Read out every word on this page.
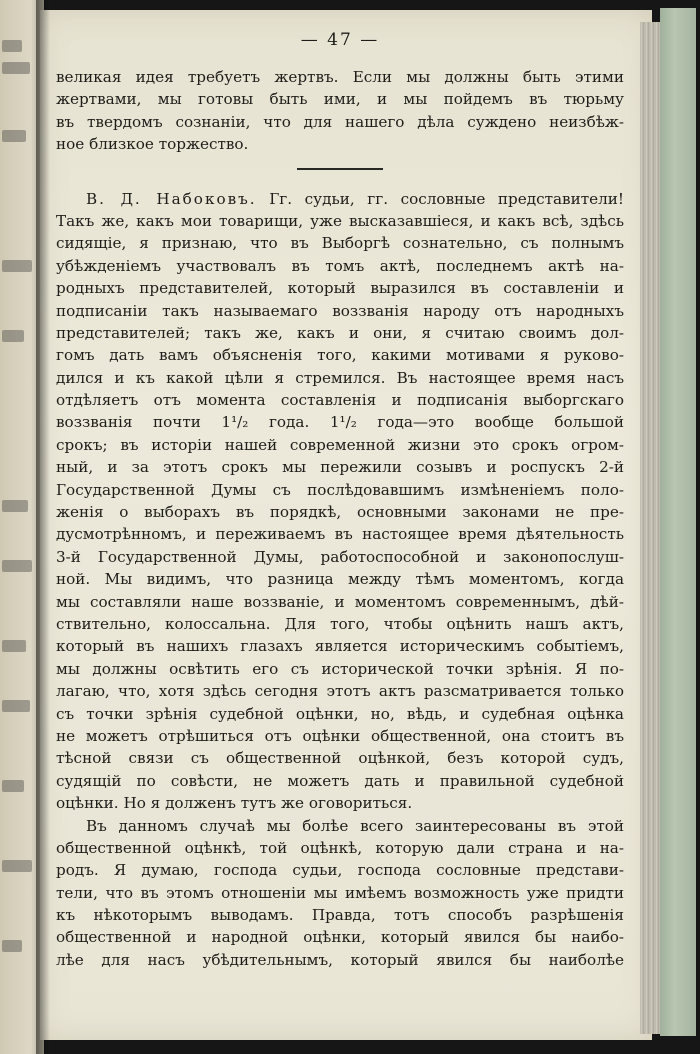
— 47 —
великая идея требуетъ жертвъ. Если мы должны быть этими
жертвами, мы готовы быть ими, и мы пойдемъ въ тюрьму
въ твердомъ сознаніи, что для нашего дѣла суждено неизбѣж-
ное близкое торжество.
В. Д. Набоковъ. Гг. судьи, гг. сословные представители!
Такъ же, какъ мои товарищи, уже высказавшіеся, и какъ всѣ, здѣсь
сидящіе, я признаю, что въ Выборгѣ сознательно, съ полнымъ
убѣжденіемъ участвовалъ въ томъ актѣ, последнемъ актѣ на-
родныхъ представителей, который выразился въ составленіи и
подписаніи такъ называемаго воззванія народу отъ народныхъ
представителей; такъ же, какъ и они, я считаю своимъ дол-
гомъ дать вамъ объясненія того, какими мотивами я руково-
дился и къ какой цѣли я стремился. Въ настоящее время насъ
отдѣляетъ отъ момента составленія и подписанія выборгскаго
воззванія почти 1¹/₂ года. 1¹/₂ года—это вообще большой
срокъ; въ исторіи нашей современной жизни это срокъ огром-
ный, и за этотъ срокъ мы пережили созывъ и роспускъ 2-й
Государственной Думы съ послѣдовавшимъ измѣненіемъ поло-
женія о выборахъ въ порядкѣ, основными законами не пре-
дусмотрѣнномъ, и переживаемъ въ настоящее время дѣятельность
3-й Государственной Думы, работоспособной и законопослуш-
ной. Мы видимъ, что разница между тѣмъ моментомъ, когда
мы составляли наше воззваніе, и моментомъ современнымъ, дѣй-
ствительно, колоссальна. Для того, чтобы оцѣнить нашъ актъ,
который въ нашихъ глазахъ является историческимъ событіемъ,
мы должны освѣтить его съ исторической точки зрѣнія. Я по-
лагаю, что, хотя здѣсь сегодня этотъ актъ разсматривается только
съ точки зрѣнія судебной оцѣнки, но, вѣдь, и судебная оцѣнка
не можетъ отрѣшиться отъ оцѣнки общественной, она стоитъ въ
тѣсной связи съ общественной оцѣнкой, безъ которой судъ,
судящій по совѣсти, не можетъ дать и правильной судебной
оцѣнки. Но я долженъ тутъ же оговориться.
Въ данномъ случаѣ мы болѣе всего заинтересованы въ этой
общественной оцѣнкѣ, той оцѣнкѣ, которую дали страна и на-
родъ. Я думаю, господа судьи, господа сословные представи-
тели, что въ этомъ отношеніи мы имѣемъ возможность уже придти
къ нѣкоторымъ выводамъ. Правда, тотъ способъ разрѣшенія
общественной и народной оцѣнки, который явился бы наибо-
лѣе для насъ убѣдительнымъ, который явился бы наиболѣе
